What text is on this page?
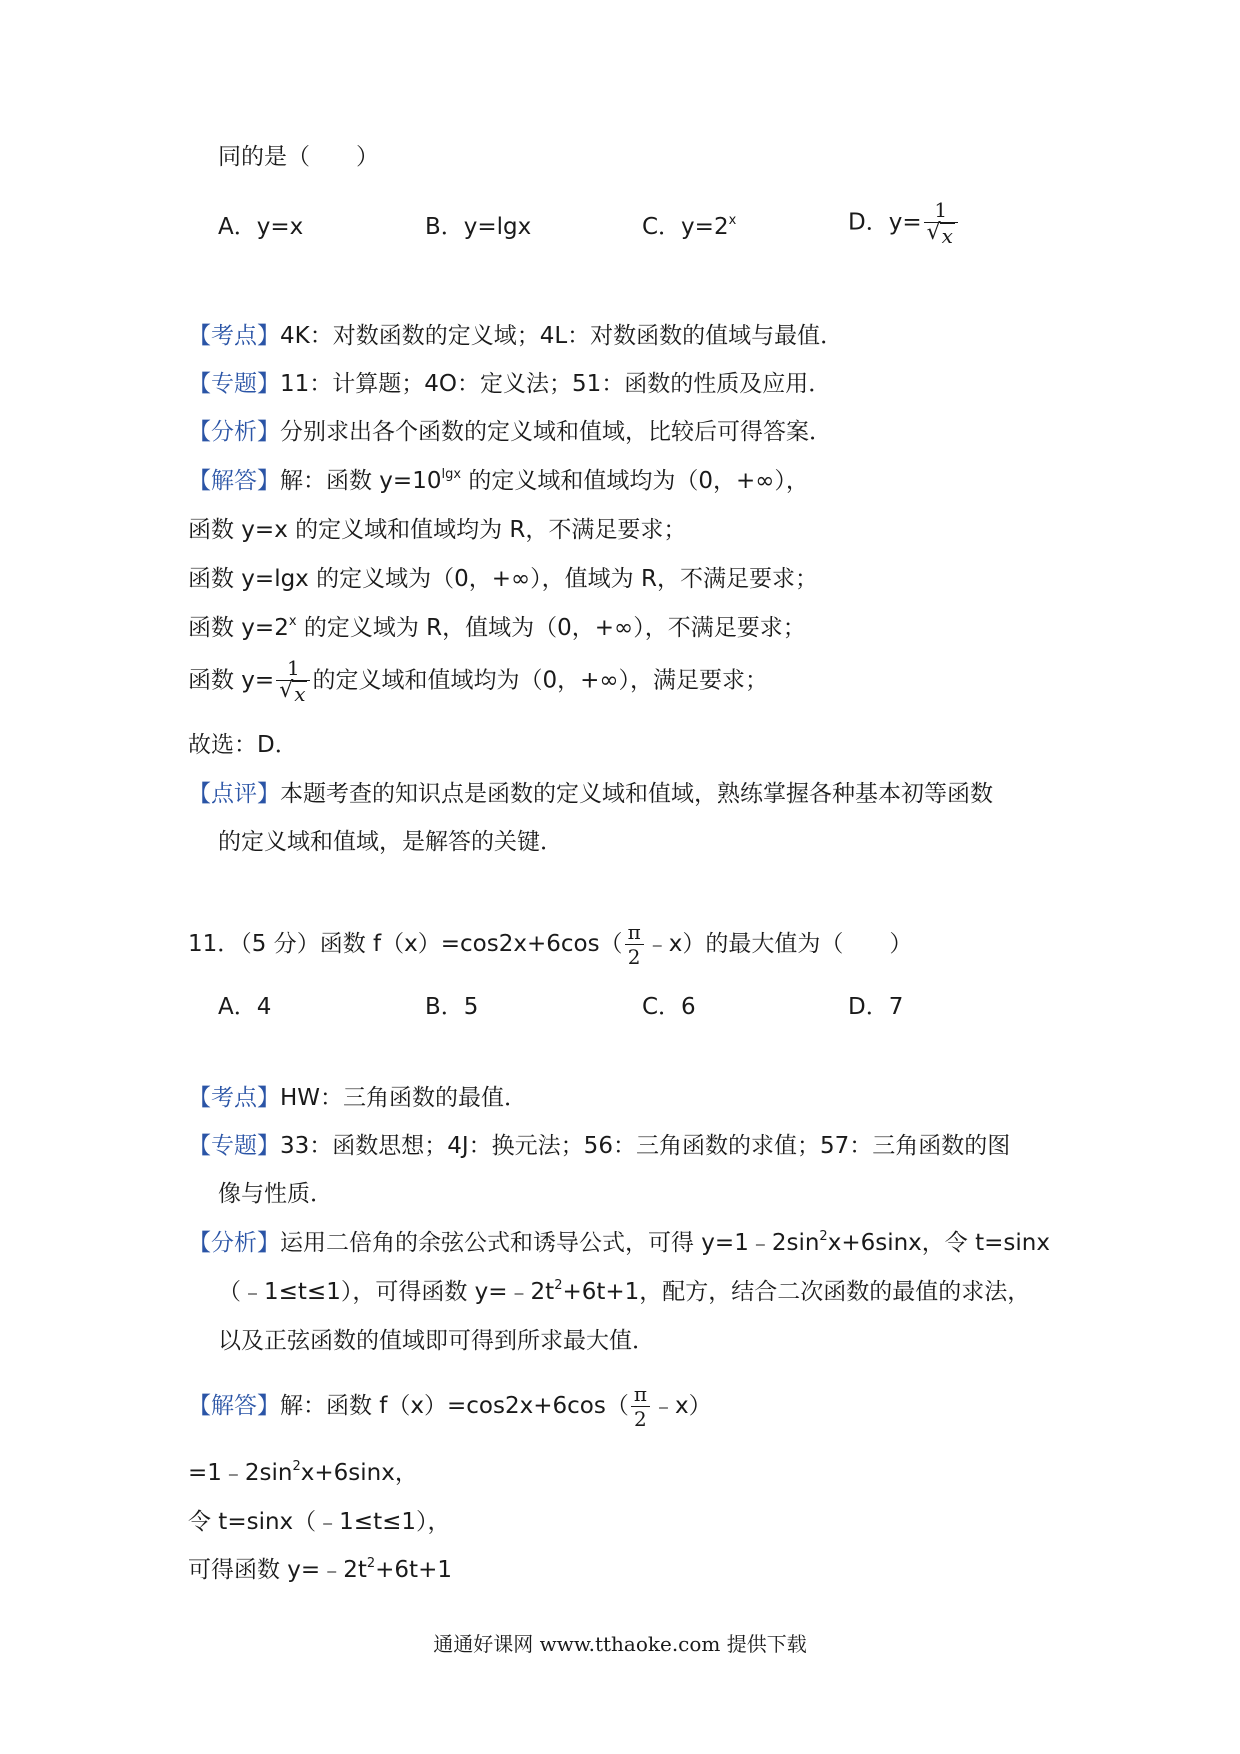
同的是（　　）
A．y=x	B．y=lgx	C．$y=2^x$	D．$y= \frac{1}{√ x}$
【考点】4K：对数函数的定义域；4L：对数函数的值域与最值．
【专题】11：计算题；4O：定义法；51：函数的性质及应用．
【分析】分别求出各个函数的定义域和值域，比较后可得答案．
【解答】解：函数 $y=10^{lgx}$ 的定义域和值域均为（0，+∞），
函数 y=x 的定义域和值域均为 R，不满足要求；
函数 y=lgx 的定义域为（0，+∞），值域为 R，不满足要求；
函数 $y=2^x$ 的定义域为 R，值域为（0，+∞），不满足要求；
函数 $y= \frac{1}{√ x}$ 的定义域和值域均为（0，+∞），满足要求；
故选：D．
【点评】本题考查的知识点是函数的定义域和值域，熟练掌握各种基本初等函数
的定义域和值域，是解答的关键．
11．（5 分）函数 $f(x)=\cos 2x+6\cos( \frac{\pi}{2}$ ﹣x）的最大值为（　　）
A．4	B．5	C．6	D．7
【考点】HW：三角函数的最值．
【专题】33：函数思想；4J：换元法；56：三角函数的求值；57：三角函数的图
像与性质．
【分析】运用二倍角的余弦公式和诱导公式，可得 $y=1﹣2\sin^2x+6\sin x$，令 t=sinx
（﹣1≤t≤1），可得函数 $y=﹣2t^2+6t+1$，配方，结合二次函数的最值的求法，
以及正弦函数的值域即可得到所求最大值．
【解答】解：函数 $f(x)=\cos 2x+6\cos( \frac{\pi}{2}$ ﹣x）
$=1﹣2\sin^2x+6\sin x$，
令 t=sinx（﹣1≤t≤1），
可得函数 $y=﹣2t^2+6t+1$
通通好课网 www.tthaoke.com 提供下载
